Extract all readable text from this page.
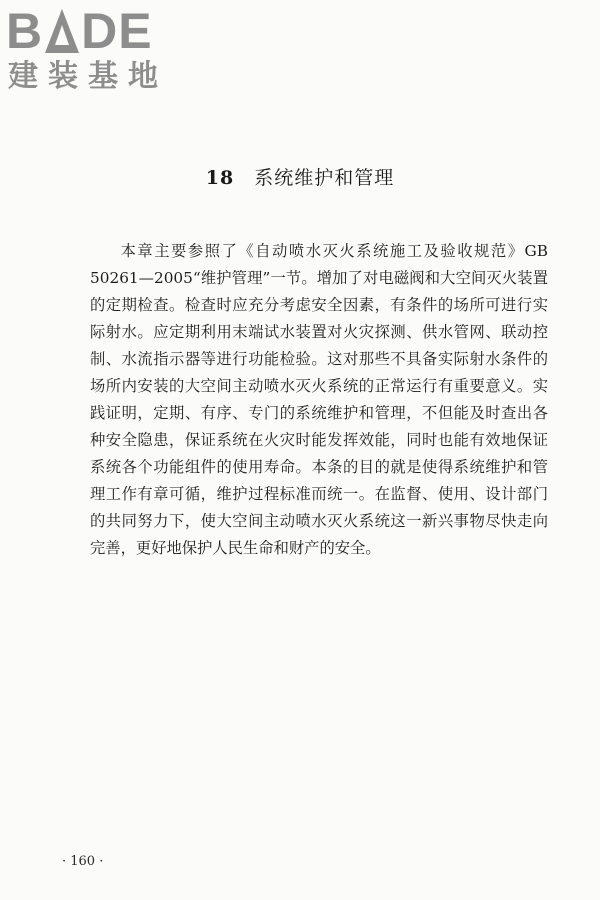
B DE
建装基地
18 系统维护和管理

本章主要参照了《自动喷水灭火系统施工及验收规范》GB 50261—2005“维护管理”一节。增加了对电磁阀和大空间灭火装置的定期检查。检查时应充分考虑安全因素，有条件的场所可进行实际射水。应定期利用末端试水装置对火灾探测、供水管网、联动控制、水流指示器等进行功能检验。这对那些不具备实际射水条件的场所内安装的大空间主动喷水灭火系统的正常运行有重要意义。实践证明，定期、有序、专门的系统维护和管理，不但能及时查出各种安全隐患，保证系统在火灾时能发挥效能，同时也能有效地保证系统各个功能组件的使用寿命。本条的目的就是使得系统维护和管理工作有章可循，维护过程标准而统一。在监督、使用、设计部门的共同努力下，使大空间主动喷水灭火系统这一新兴事物尽快走向完善，更好地保护人民生命和财产的安全。

· 160 ·
